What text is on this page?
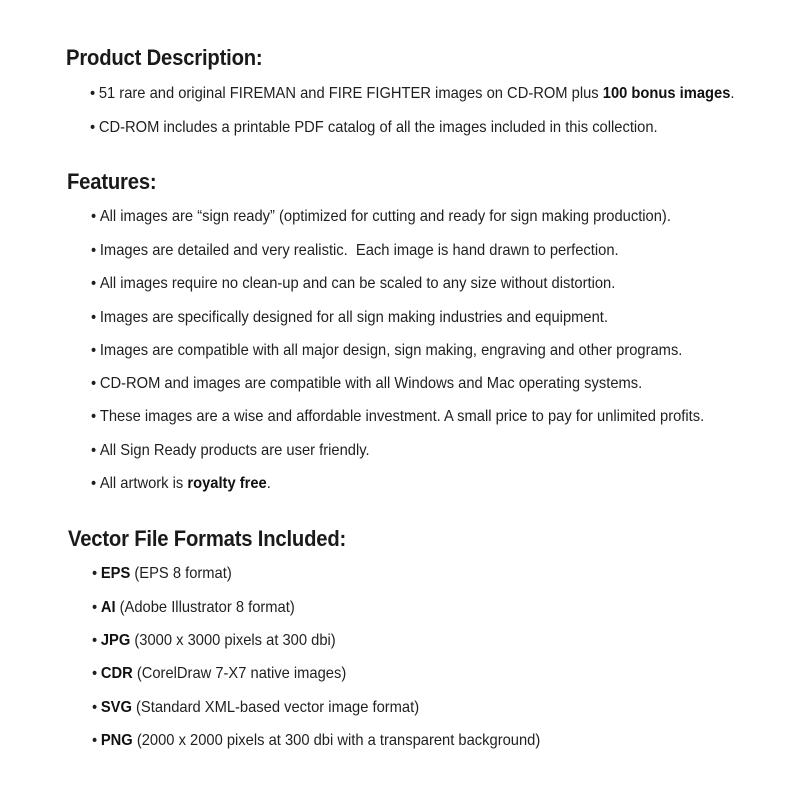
Product Description:
• 51 rare and original FIREMAN and FIRE FIGHTER images on CD-ROM plus 100 bonus images.
• CD-ROM includes a printable PDF catalog of all the images included in this collection.
Features:
• All images are “sign ready” (optimized for cutting and ready for sign making production).
• Images are detailed and very realistic.  Each image is hand drawn to perfection.
• All images require no clean-up and can be scaled to any size without distortion.
• Images are specifically designed for all sign making industries and equipment.
• Images are compatible with all major design, sign making, engraving and other programs.
• CD-ROM and images are compatible with all Windows and Mac operating systems.
• These images are a wise and affordable investment. A small price to pay for unlimited profits.
• All Sign Ready products are user friendly.
• All artwork is royalty free.
Vector File Formats Included:
• EPS (EPS 8 format)
• AI (Adobe Illustrator 8 format)
• JPG (3000 x 3000 pixels at 300 dbi)
• CDR (CorelDraw 7-X7 native images)
• SVG (Standard XML-based vector image format)
• PNG (2000 x 2000 pixels at 300 dbi with a transparent background)
